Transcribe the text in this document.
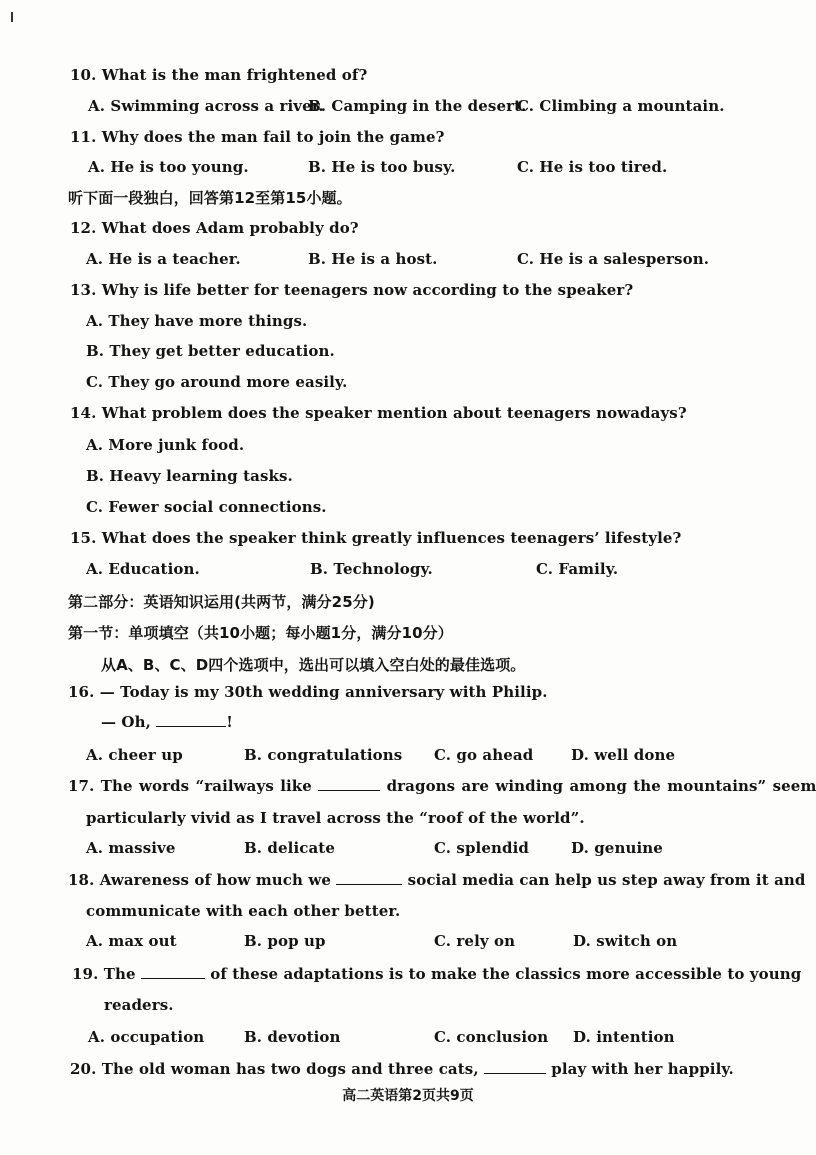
10. What is the man frightened of?
A. Swimming across a river.
B. Camping in the desert.
C. Climbing a mountain.
11. Why does the man fail to join the game?
A. He is too young.	B. He is too busy.	C. He is too tired.
听下面一段独白，回答第12至第15小题。
12. What does Adam probably do?
A. He is a teacher.	B. He is a host.	C. He is a salesperson.
13. Why is life better for teenagers now according to the speaker?
A. They have more things.
B. They get better education.
C. They go around more easily.
14. What problem does the speaker mention about teenagers nowadays?
A. More junk food.
B. Heavy learning tasks.
C. Fewer social connections.
15. What does the speaker think greatly influences teenagers’ lifestyle?
A. Education.	B. Technology.	C. Family.
第二部分：英语知识运用(共两节，满分25分)
第一节：单项填空（共10小题；每小题1分，满分10分）
从A、B、C、D四个选项中，选出可以填入空白处的最佳选项。
16. — Today is my 30th wedding anniversary with Philip.
— Oh,	!
A. cheer up	B. congratulations C. go ahead	D. well done
17. The words “railways like	dragons are winding among the mountains” seem
particularly vivid as I travel across the “roof of the world”.
A. massive	B. delicate	C. splendid	D. genuine
18. Awareness of how much we	social media can help us step away from it and
communicate with each other better.
A. max out	B. pop up	C. rely on	D. switch on
19. The	of these adaptations is to make the classics more accessible to young
readers.
A. occupation	B. devotion	C. conclusion D. intention
20. The old woman has two dogs and three cats,	play with her happily.
高二英语第2页共9页
